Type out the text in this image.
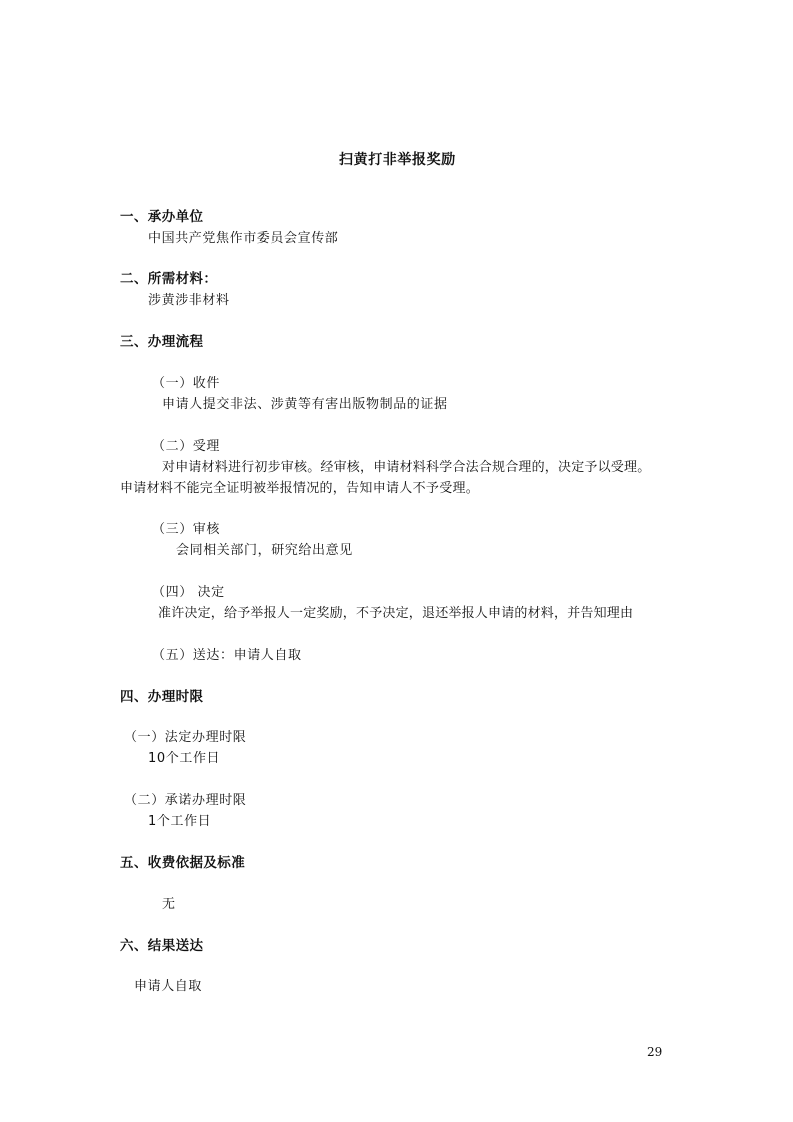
扫黄打非举报奖励
一、承办单位
中国共产党焦作市委员会宣传部
二、所需材料：
涉黄涉非材料
三、办理流程
（一）收件
申请人提交非法、涉黄等有害出版物制品的证据
（二）受理
对申请材料进行初步审核。经审核，申请材料科学合法合规合理的，决定予以受理。
申请材料不能完全证明被举报情况的，告知申请人不予受理。
（三）审核
会同相关部门，研究给出意见
（四） 决定
准许决定，给予举报人一定奖励，不予决定，退还举报人申请的材料，并告知理由
（五）送达：申请人自取
四、办理时限
（一）法定办理时限
10个工作日
（二）承诺办理时限
1个工作日
五、收费依据及标准
无
六、结果送达
申请人自取
29
